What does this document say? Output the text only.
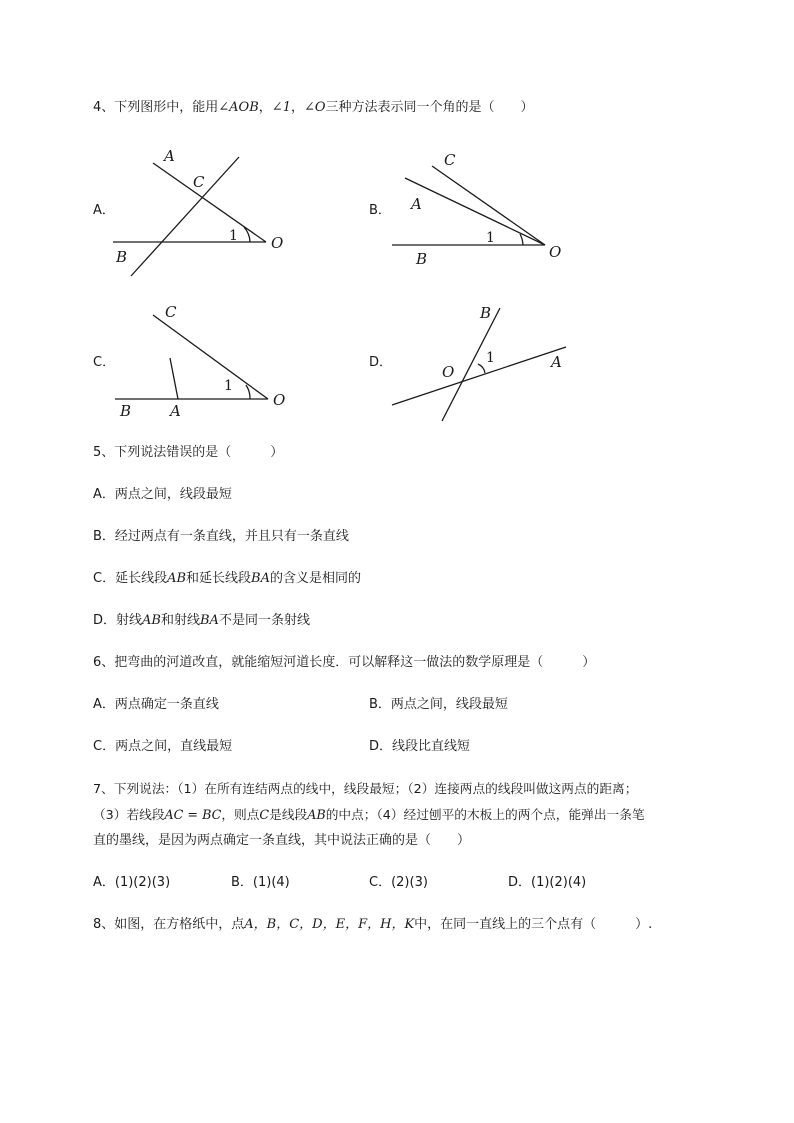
4、下列图形中，能用∠AOB，∠1，∠O三种方法表示同一个角的是（　　）
A．
A
C
B
O
1
B．
C
A
B	O
1
C．
C
B	A
O
1
D．
B
O
1	A
5、下列说法错误的是（　　　）
A．两点之间，线段最短
B．经过两点有一条直线，并且只有一条直线
C．延长线段AB和延长线段BA的含义是相同的
D．射线AB和射线BA不是同一条射线
6、把弯曲的河道改直，就能缩短河道长度．可以解释这一做法的数学原理是（　　　）
A．两点确定一条直线	B．两点之间，线段最短
C．两点之间，直线最短	D．线段比直线短
7、下列说法：（1）在所有连结两点的线中，线段最短；（2）连接两点的线段叫做这两点的距离；
（3）若线段AC = BC，则点C是线段AB的中点；（4）经过刨平的木板上的两个点，能弹出一条笔
直的墨线，是因为两点确定一条直线，其中说法正确的是（　　）
A．(1)(2)(3)	B．(1)(4)	C．(2)(3)	D．(1)(2)(4)
8、如图，在方格纸中，点A，B，C，D，E，F，H，K中，在同一直线上的三个点有（　　　）.
